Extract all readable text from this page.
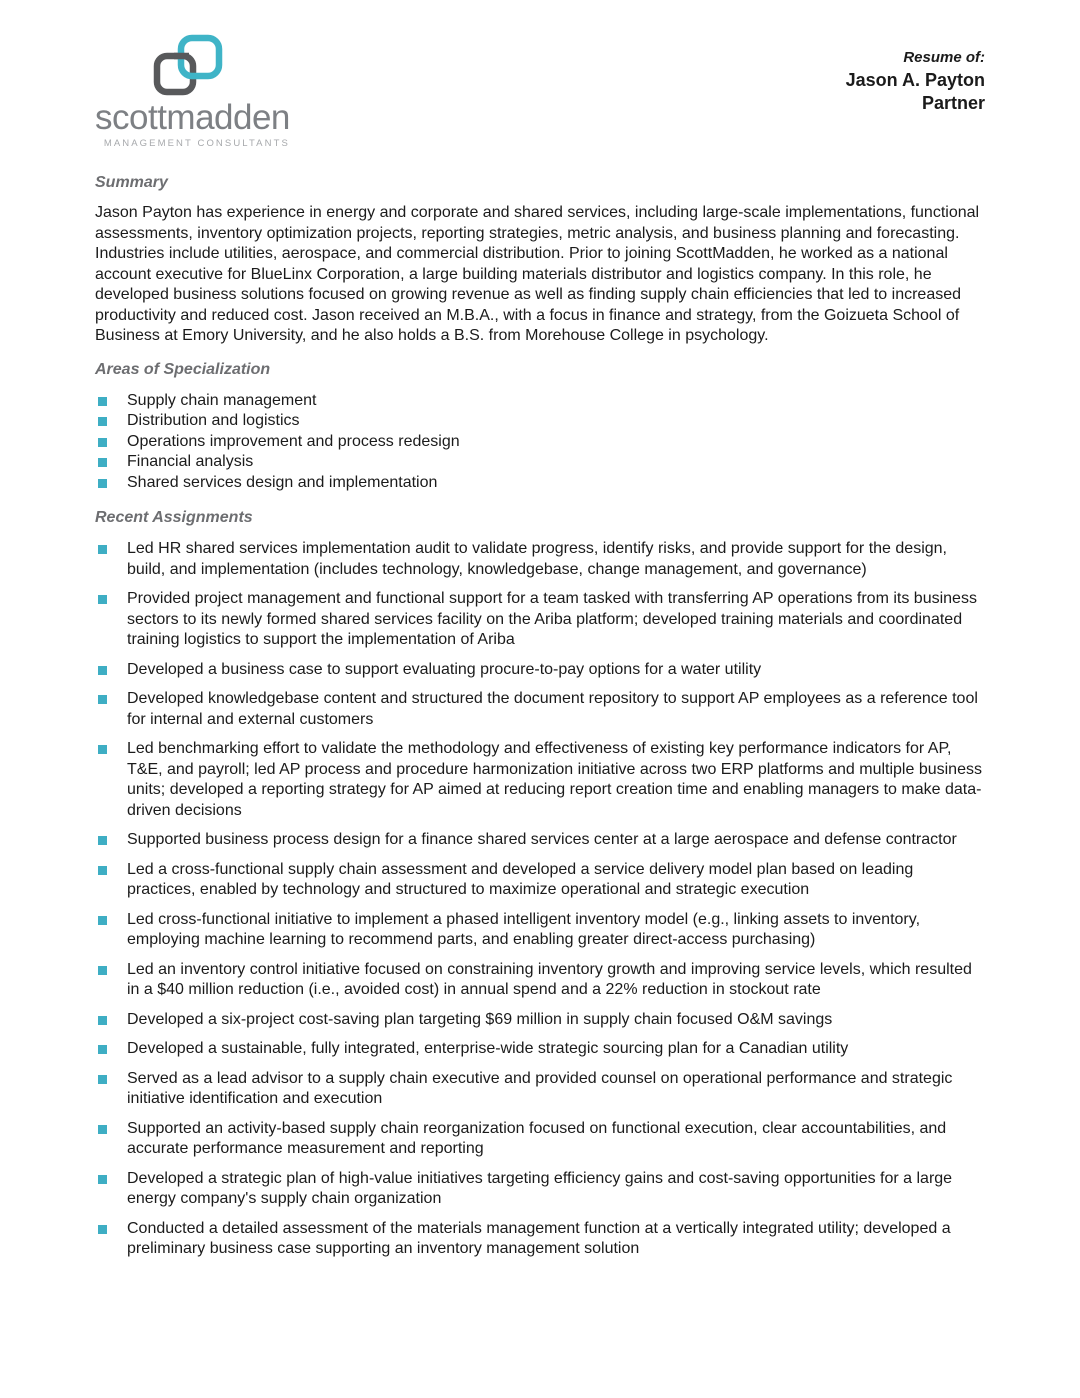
scottmadden
MANAGEMENT CONSULTANTS
Resume of:
Jason A. Payton
Partner
Summary

Jason Payton has experience in energy and corporate and shared services, including large-scale implementations, functional assessments, inventory optimization projects, reporting strategies, metric analysis, and business planning and forecasting. Industries include utilities, aerospace, and commercial distribution. Prior to joining ScottMadden, he worked as a national account executive for BlueLinx Corporation, a large building materials distributor and logistics company. In this role, he developed business solutions focused on growing revenue as well as finding supply chain efficiencies that led to increased productivity and reduced cost. Jason received an M.B.A., with a focus in finance and strategy, from the Goizueta School of Business at Emory University, and he also holds a B.S. from Morehouse College in psychology.

Areas of Specialization
Supply chain management
Distribution and logistics
Operations improvement and process redesign
Financial analysis
Shared services design and implementation
Recent Assignments
Led HR shared services implementation audit to validate progress, identify risks, and provide support for the design, build, and implementation (includes technology, knowledgebase, change management, and governance)
Provided project management and functional support for a team tasked with transferring AP operations from its business sectors to its newly formed shared services facility on the Ariba platform; developed training materials and coordinated training logistics to support the implementation of Ariba
Developed a business case to support evaluating procure-to-pay options for a water utility
Developed knowledgebase content and structured the document repository to support AP employees as a reference tool for internal and external customers
Led benchmarking effort to validate the methodology and effectiveness of existing key performance indicators for AP, T&E, and payroll; led AP process and procedure harmonization initiative across two ERP platforms and multiple business units; developed a reporting strategy for AP aimed at reducing report creation time and enabling managers to make data-driven decisions
Supported business process design for a finance shared services center at a large aerospace and defense contractor
Led a cross-functional supply chain assessment and developed a service delivery model plan based on leading practices, enabled by technology and structured to maximize operational and strategic execution
Led cross-functional initiative to implement a phased intelligent inventory model (e.g., linking assets to inventory, employing machine learning to recommend parts, and enabling greater direct-access purchasing)
Led an inventory control initiative focused on constraining inventory growth and improving service levels, which resulted in a $40 million reduction (i.e., avoided cost) in annual spend and a 22% reduction in stockout rate
Developed a six-project cost-saving plan targeting $69 million in supply chain focused O&M savings
Developed a sustainable, fully integrated, enterprise-wide strategic sourcing plan for a Canadian utility
Served as a lead advisor to a supply chain executive and provided counsel on operational performance and strategic initiative identification and execution
Supported an activity-based supply chain reorganization focused on functional execution, clear accountabilities, and accurate performance measurement and reporting
Developed a strategic plan of high-value initiatives targeting efficiency gains and cost-saving opportunities for a large energy company's supply chain organization
Conducted a detailed assessment of the materials management function at a vertically integrated utility; developed a preliminary business case supporting an inventory management solution
